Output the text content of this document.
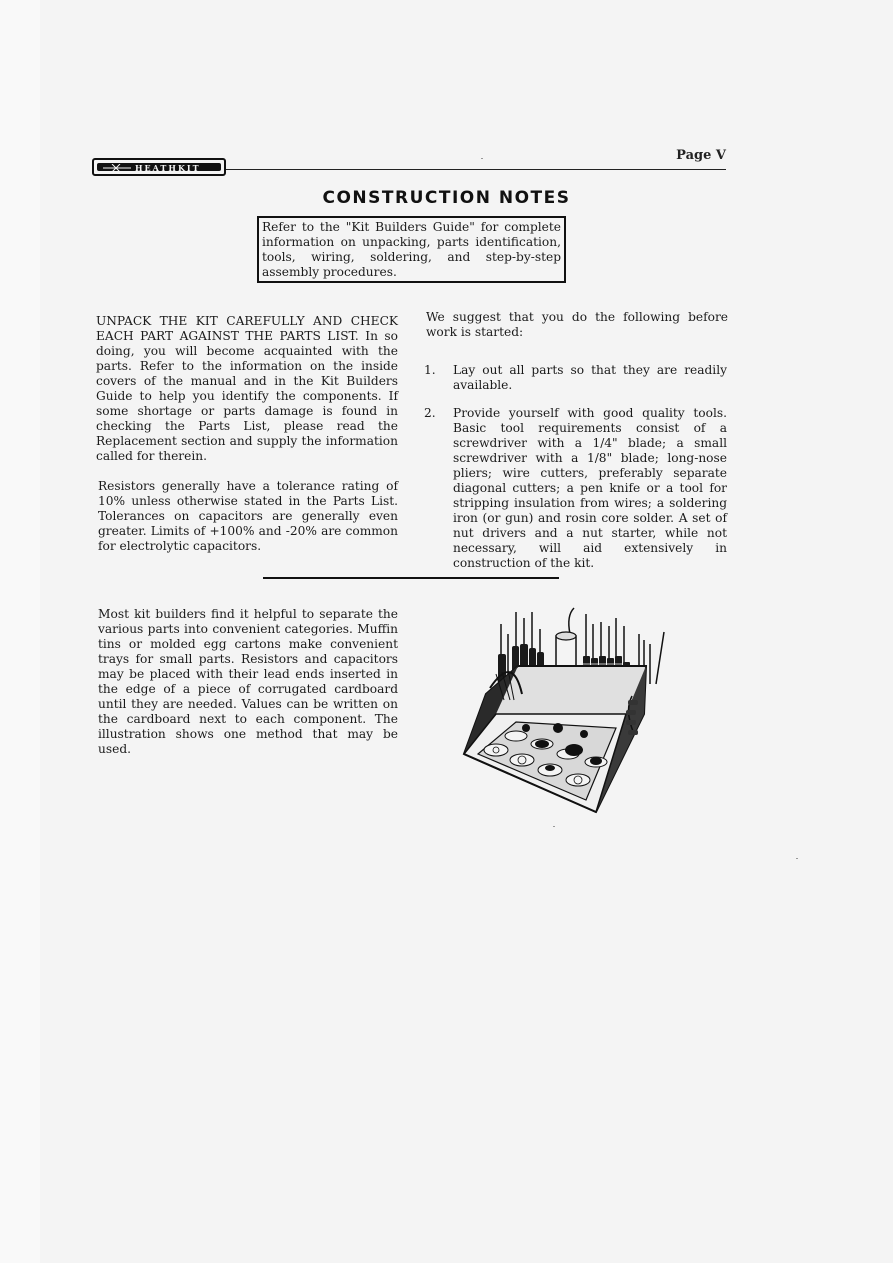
HEATHKIT
Page V
CONSTRUCTION NOTES
Refer to the "Kit Builders Guide" for complete information on unpacking, parts identification, tools, wiring, soldering, and step-by-step assembly procedures.
UNPACK THE KIT CAREFULLY AND CHECK EACH PART AGAINST THE PARTS LIST. In so doing, you will become acquainted with the parts. Refer to the information on the inside covers of the manual and in the Kit Builders Guide to help you identify the components. If some shortage or parts damage is found in checking the Parts List, please read the Replacement section and supply the information called for therein.
Resistors generally have a tolerance rating of 10% unless otherwise stated in the Parts List. Tolerances on capacitors are generally even greater. Limits of +100% and -20% are common for electrolytic capacitors.
We suggest that you do the following before work is started:
1.	Lay out all parts so that they are readily available.
2.	Provide yourself with good quality tools. Basic tool requirements consist of a screwdriver with a 1/4" blade; a small screwdriver with a 1/8" blade; long-nose pliers; wire cutters, preferably separate diagonal cutters; a pen knife or a tool for stripping insulation from wires; a soldering iron (or gun) and rosin core solder. A set of nut drivers and a nut starter, while not necessary, will aid extensively in construction of the kit.
Most kit builders find it helpful to separate the various parts into convenient categories. Muffin tins or molded egg cartons make convenient trays for small parts. Resistors and capacitors may be placed with their lead ends inserted in the edge of a piece of corrugated cardboard until they are needed. Values can be written on the cardboard next to each component. The illustration shows one method that may be used.
